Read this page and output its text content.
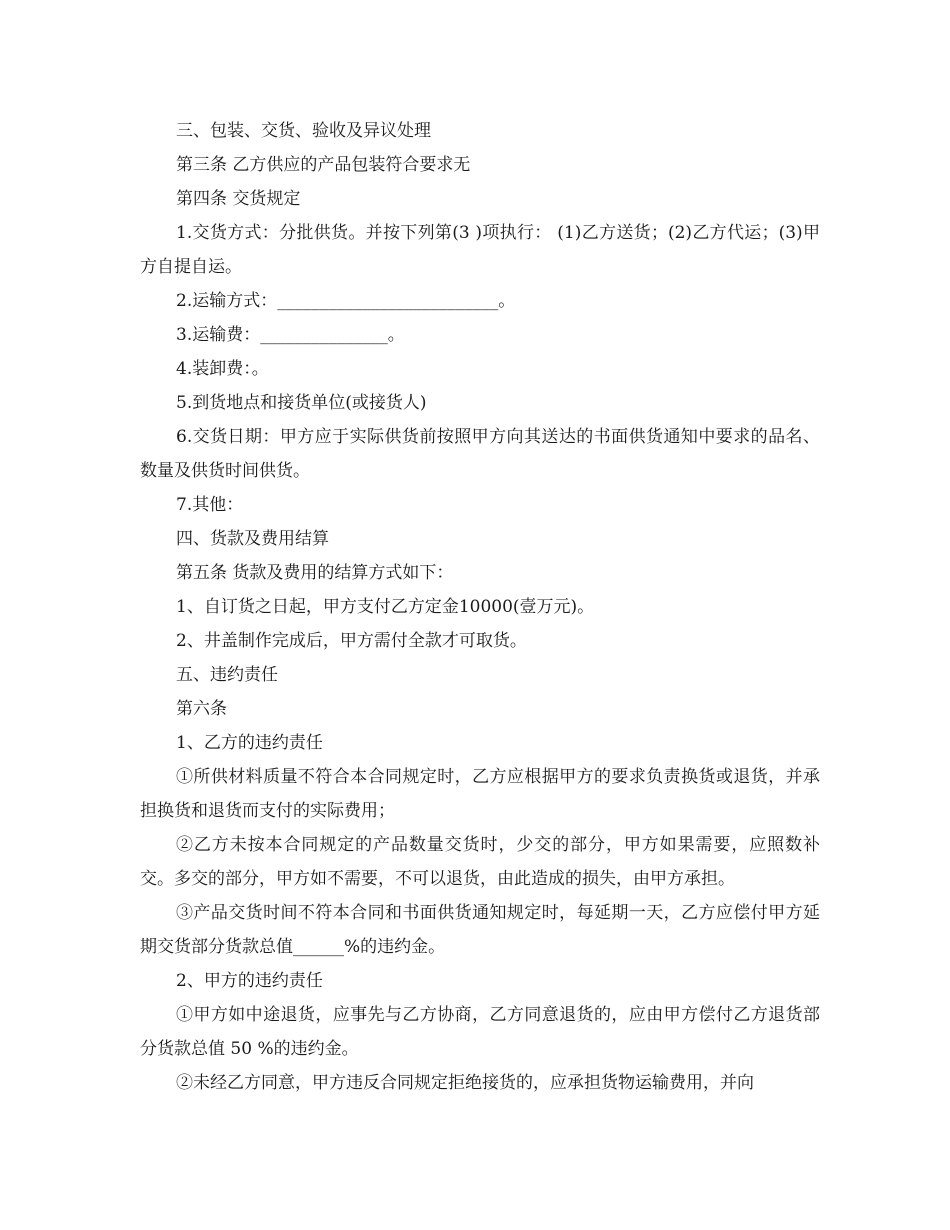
三、包装、交货、验收及异议处理

第三条 乙方供应的产品包装符合要求无

第四条 交货规定

1.交货方式：分批供货。并按下列第(3 )项执行： (1)乙方送货；(2)乙方代运；(3)甲方自提自运。

2.运输方式：__________________________。

3.运输费：_______________。

4.装卸费：。

5.到货地点和接货单位(或接货人)

6.交货日期：甲方应于实际供货前按照甲方向其送达的书面供货通知中要求的品名、数量及供货时间供货。

7.其他：

四、货款及费用结算

第五条 货款及费用的结算方式如下：

1、自订货之日起，甲方支付乙方定金10000(壹万元)。

2、井盖制作完成后，甲方需付全款才可取货。

五、违约责任

第六条

1、乙方的违约责任

①所供材料质量不符合本合同规定时，乙方应根据甲方的要求负责换货或退货，并承担换货和退货而支付的实际费用；

②乙方未按本合同规定的产品数量交货时，少交的部分，甲方如果需要，应照数补交。多交的部分，甲方如不需要，不可以退货，由此造成的损失，由甲方承担。

③产品交货时间不符本合同和书面供货通知规定时，每延期一天，乙方应偿付甲方延期交货部分货款总值______%的违约金。

2、甲方的违约责任

①甲方如中途退货，应事先与乙方协商，乙方同意退货的，应由甲方偿付乙方退货部分货款总值 50 %的违约金。

②未经乙方同意，甲方违反合同规定拒绝接货的，应承担货物运输费用，并向
